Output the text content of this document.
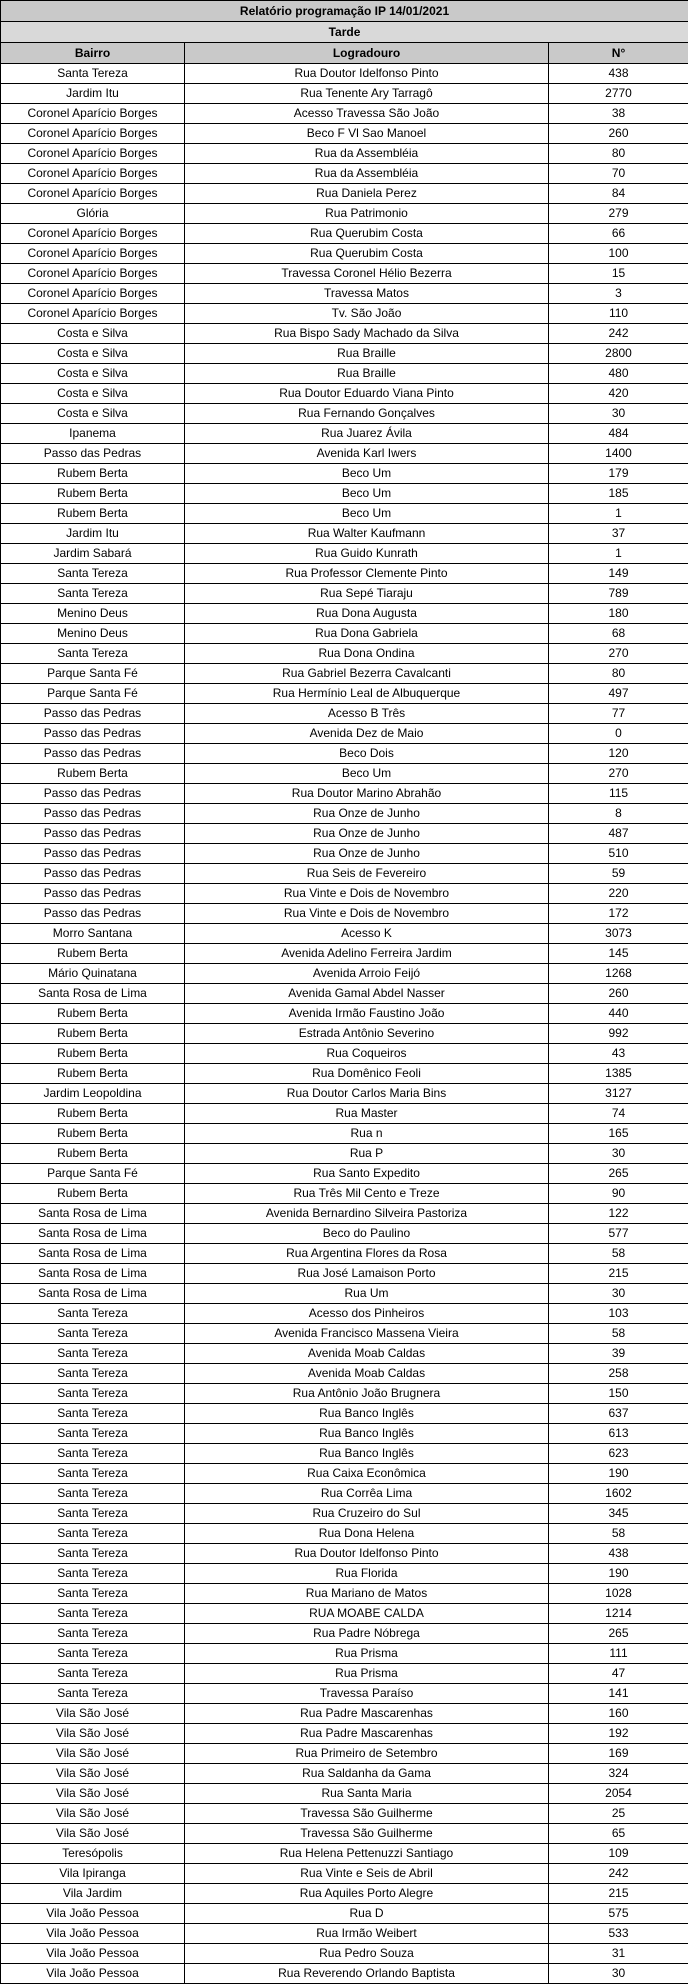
Relatório programação IP 14/01/2021		
Tarde		
Bairro	Logradouro	N°
Santa Tereza	Rua Doutor Idelfonso Pinto	438
Jardim Itu	Rua Tenente Ary Tarragô	2770
Coronel Aparício Borges	Acesso Travessa São João	38
Coronel Aparício Borges	Beco F Vl Sao Manoel	260
Coronel Aparício Borges	Rua da Assembléia	80
Coronel Aparício Borges	Rua da Assembléia	70
Coronel Aparício Borges	Rua Daniela Perez	84
Glória	Rua Patrimonio	279
Coronel Aparício Borges	Rua Querubim Costa	66
Coronel Aparício Borges	Rua Querubim Costa	100
Coronel Aparício Borges	Travessa Coronel Hélio Bezerra	15
Coronel Aparício Borges	Travessa Matos	3
Coronel Aparício Borges	Tv. São João	110
Costa e Silva	Rua Bispo Sady Machado da Silva	242
Costa e Silva	Rua Braille	2800
Costa e Silva	Rua Braille	480
Costa e Silva	Rua Doutor Eduardo Viana Pinto	420
Costa e Silva	Rua Fernando Gonçalves	30
Ipanema	Rua Juarez Ávila	484
Passo das Pedras	Avenida Karl Iwers	1400
Rubem Berta	Beco Um	179
Rubem Berta	Beco Um	185
Rubem Berta	Beco Um	1
Jardim Itu	Rua Walter Kaufmann	37
Jardim Sabará	Rua Guido Kunrath	1
Santa Tereza	Rua Professor Clemente Pinto	149
Santa Tereza	Rua Sepé Tiaraju	789
Menino Deus	Rua Dona Augusta	180
Menino Deus	Rua Dona Gabriela	68
Santa Tereza	Rua Dona Ondina	270
Parque Santa Fé	Rua Gabriel Bezerra Cavalcanti	80
Parque Santa Fé	Rua Hermínio Leal de Albuquerque	497
Passo das Pedras	Acesso B Três	77
Passo das Pedras	Avenida Dez de Maio	0
Passo das Pedras	Beco Dois	120
Rubem Berta	Beco Um	270
Passo das Pedras	Rua Doutor Marino Abrahão	115
Passo das Pedras	Rua Onze de Junho	8
Passo das Pedras	Rua Onze de Junho	487
Passo das Pedras	Rua Onze de Junho	510
Passo das Pedras	Rua Seis de Fevereiro	59
Passo das Pedras	Rua Vinte e Dois de Novembro	220
Passo das Pedras	Rua Vinte e Dois de Novembro	172
Morro Santana	Acesso K	3073
Rubem Berta	Avenida Adelino Ferreira Jardim	145
Mário Quinatana	Avenida Arroio Feijó	1268
Santa Rosa de Lima	Avenida Gamal Abdel Nasser	260
Rubem Berta	Avenida Irmão Faustino João	440
Rubem Berta	Estrada Antônio Severino	992
Rubem Berta	Rua Coqueiros	43
Rubem Berta	Rua Domênico Feoli	1385
Jardim Leopoldina	Rua Doutor Carlos Maria Bins	3127
Rubem Berta	Rua Master	74
Rubem Berta	Rua n	165
Rubem Berta	Rua P	30
Parque Santa Fé	Rua Santo Expedito	265
Rubem Berta	Rua Três Mil Cento e Treze	90
Santa Rosa de Lima	Avenida Bernardino Silveira Pastoriza	122
Santa Rosa de Lima	Beco do Paulino	577
Santa Rosa de Lima	Rua Argentina Flores da Rosa	58
Santa Rosa de Lima	Rua José Lamaison Porto	215
Santa Rosa de Lima	Rua Um	30
Santa Tereza	Acesso dos Pinheiros	103
Santa Tereza	Avenida Francisco Massena Vieira	58
Santa Tereza	Avenida Moab Caldas	39
Santa Tereza	Avenida Moab Caldas	258
Santa Tereza	Rua Antônio João Brugnera	150
Santa Tereza	Rua Banco Inglês	637
Santa Tereza	Rua Banco Inglês	613
Santa Tereza	Rua Banco Inglês	623
Santa Tereza	Rua Caixa Econômica	190
Santa Tereza	Rua Corrêa Lima	1602
Santa Tereza	Rua Cruzeiro do Sul	345
Santa Tereza	Rua Dona Helena	58
Santa Tereza	Rua Doutor Idelfonso Pinto	438
Santa Tereza	Rua Florida	190
Santa Tereza	Rua Mariano de Matos	1028
Santa Tereza	RUA MOABE CALDA	1214
Santa Tereza	Rua Padre Nóbrega	265
Santa Tereza	Rua Prisma	111
Santa Tereza	Rua Prisma	47
Santa Tereza	Travessa Paraíso	141
Vila São José	Rua Padre Mascarenhas	160
Vila São José	Rua Padre Mascarenhas	192
Vila São José	Rua Primeiro de Setembro	169
Vila São José	Rua Saldanha da Gama	324
Vila São José	Rua Santa Maria	2054
Vila São José	Travessa São Guilherme	25
Vila São José	Travessa São Guilherme	65
Teresópolis	Rua Helena Pettenuzzi Santiago	109
Vila Ipiranga	Rua Vinte e Seis de Abril	242
Vila Jardim	Rua Aquiles Porto Alegre	215
Vila João Pessoa	Rua D	575
Vila João Pessoa	Rua Irmão Weibert	533
Vila João Pessoa	Rua Pedro Souza	31
Vila João Pessoa	Rua Reverendo Orlando Baptista	30
